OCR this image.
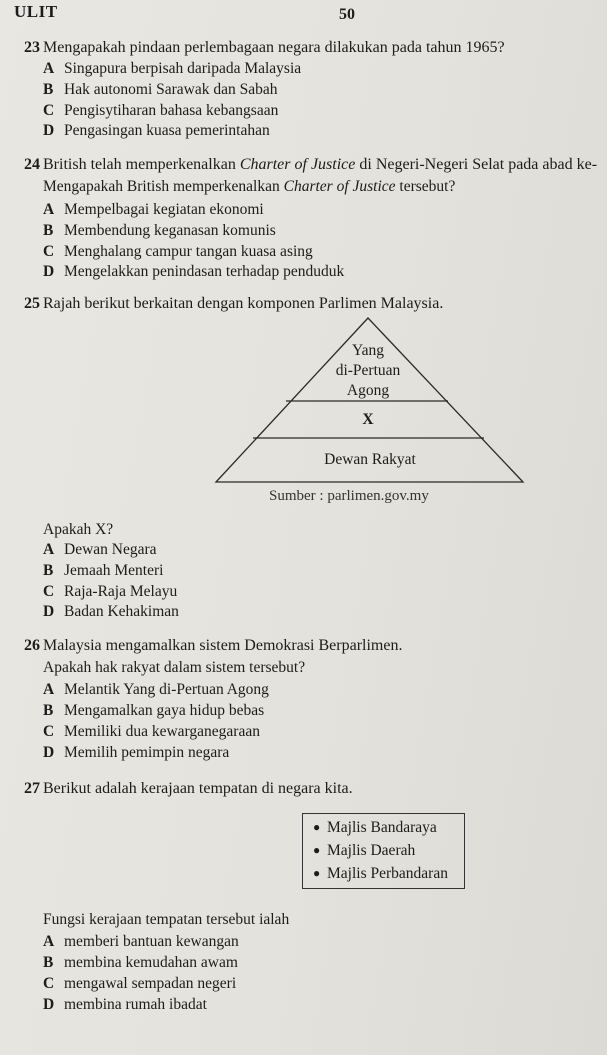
ULIT	50
23 Mengapakah pindaan perlembagaan negara dilakukan pada tahun 1965?
A Singapura berpisah daripada Malaysia
B Hak autonomi Sarawak dan Sabah
C Pengisytiharan bahasa kebangsaan
D Pengasingan kuasa pemerintahan
24 British telah memperkenalkan Charter of Justice di Negeri-Negeri Selat pada abad ke-
Mengapakah British memperkenalkan Charter of Justice tersebut?
A Mempelbagai kegiatan ekonomi
B Membendung keganasan komunis
C Menghalang campur tangan kuasa asing
D Mengelakkan penindasan terhadap penduduk
25 Rajah berikut berkaitan dengan komponen Parlimen Malaysia.
Yang
di-Pertuan
Agong
X
Dewan Rakyat
Sumber : parlimen.gov.my
Apakah X?
A Dewan Negara
B Jemaah Menteri
C Raja-Raja Melayu
D Badan Kehakiman
26 Malaysia mengamalkan sistem Demokrasi Berparlimen.
Apakah hak rakyat dalam sistem tersebut?
A Melantik Yang di-Pertuan Agong
B Mengamalkan gaya hidup bebas
C Memiliki dua kewarganegaraan
D Memilih pemimpin negara
27 Berikut adalah kerajaan tempatan di negara kita.
● Majlis Bandaraya
● Majlis Daerah
● Majlis Perbandaran
Fungsi kerajaan tempatan tersebut ialah
A memberi bantuan kewangan
B membina kemudahan awam
C mengawal sempadan negeri
D membina rumah ibadat
